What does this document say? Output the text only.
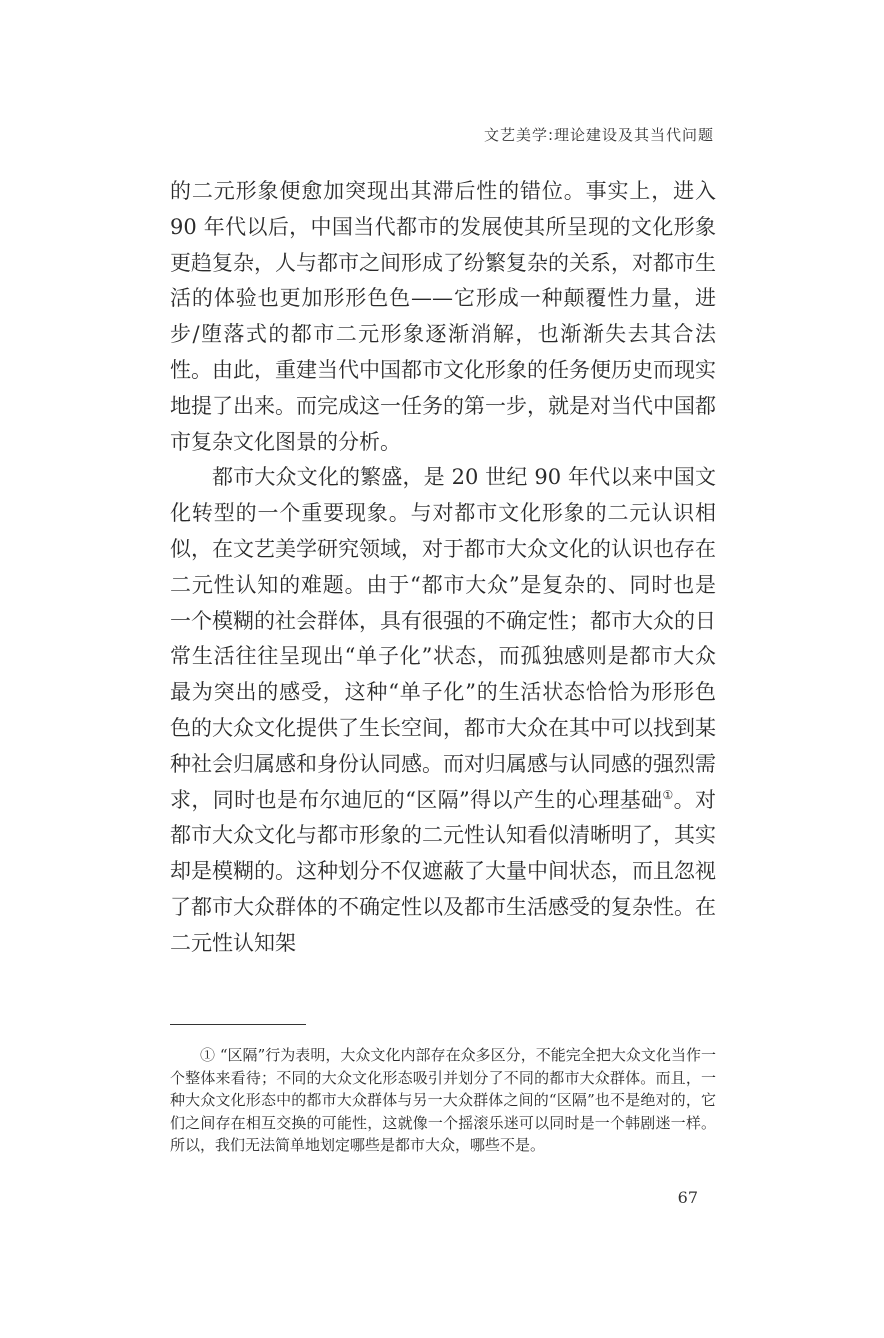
文艺美学:理论建设及其当代问题

的二元形象便愈加突现出其滞后性的错位。事实上，进入 90 年代以后，中国当代都市的发展使其所呈现的文化形象更趋复杂，人与都市之间形成了纷繁复杂的关系，对都市生活的体验也更加形形色色——它形成一种颠覆性力量，进步/堕落式的都市二元形象逐渐消解，也渐渐失去其合法性。由此，重建当代中国都市文化形象的任务便历史而现实地提了出来。而完成这一任务的第一步，就是对当代中国都市复杂文化图景的分析。

都市大众文化的繁盛，是 20 世纪 90 年代以来中国文化转型的一个重要现象。与对都市文化形象的二元认识相似，在文艺美学研究领域，对于都市大众文化的认识也存在二元性认知的难题。由于“都市大众”是复杂的、同时也是一个模糊的社会群体，具有很强的不确定性；都市大众的日常生活往往呈现出“单子化”状态，而孤独感则是都市大众最为突出的感受，这种“单子化”的生活状态恰恰为形形色色的大众文化提供了生长空间，都市大众在其中可以找到某种社会归属感和身份认同感。而对归属感与认同感的强烈需求，同时也是布尔迪厄的“区隔”得以产生的心理基础①。对都市大众文化与都市形象的二元性认知看似清晰明了，其实却是模糊的。这种划分不仅遮蔽了大量中间状态，而且忽视了都市大众群体的不确定性以及都市生活感受的复杂性。在二元性认知架

① “区隔”行为表明，大众文化内部存在众多区分，不能完全把大众文化当作一个整体来看待；不同的大众文化形态吸引并划分了不同的都市大众群体。而且，一种大众文化形态中的都市大众群体与另一大众群体之间的“区隔”也不是绝对的，它们之间存在相互交换的可能性，这就像一个摇滚乐迷可以同时是一个韩剧迷一样。所以，我们无法简单地划定哪些是都市大众，哪些不是。
67
